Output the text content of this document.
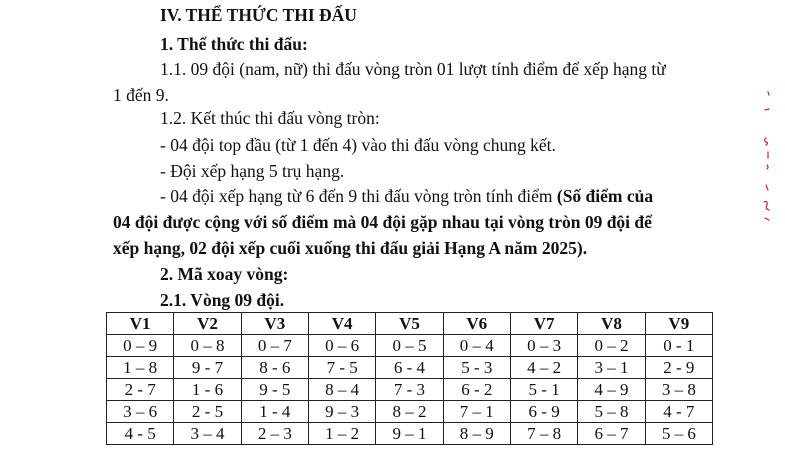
IV. THỂ THỨC THI ĐẤU
1. Thể thức thi đấu:
1.1. 09 đội (nam, nữ) thi đấu vòng tròn 01 lượt tính điểm để xếp hạng từ
1 đến 9.
1.2. Kết thúc thi đấu vòng tròn:
- 04 đội top đầu (từ 1 đến 4) vào thi đấu vòng chung kết.
- Đội xếp hạng 5 trụ hạng.
- 04 đội xếp hạng từ 6 đến 9 thi đấu vòng tròn tính điểm (Số điểm của
04 đội được cộng với số điểm mà 04 đội gặp nhau tại vòng tròn 09 đội để
xếp hạng, 02 đội xếp cuối xuống thi đấu giải Hạng A năm 2025).
2. Mã xoay vòng:
2.1. Vòng 09 đội.
V1	V2	V3	V4	V5	V6	V7	V8	V9
0 – 9	0 – 8	0 – 7	0 – 6	0 – 5	0 – 4	0 – 3	0 – 2	0 - 1
1 – 8	9 - 7	8 - 6	7 - 5	6 - 4	5 - 3	4 – 2	3 – 1	2 - 9
2 - 7	1 - 6	9 - 5	8 – 4	7 - 3	6 - 2	5 - 1	4 – 9	3 – 8
3 – 6	2 - 5	1 - 4	9 – 3	8 – 2	7 – 1	6 - 9	5 – 8	4 - 7
4 - 5	3 – 4	2 – 3	1 – 2	9 – 1	8 – 9	7 – 8	6 – 7	5 – 6
